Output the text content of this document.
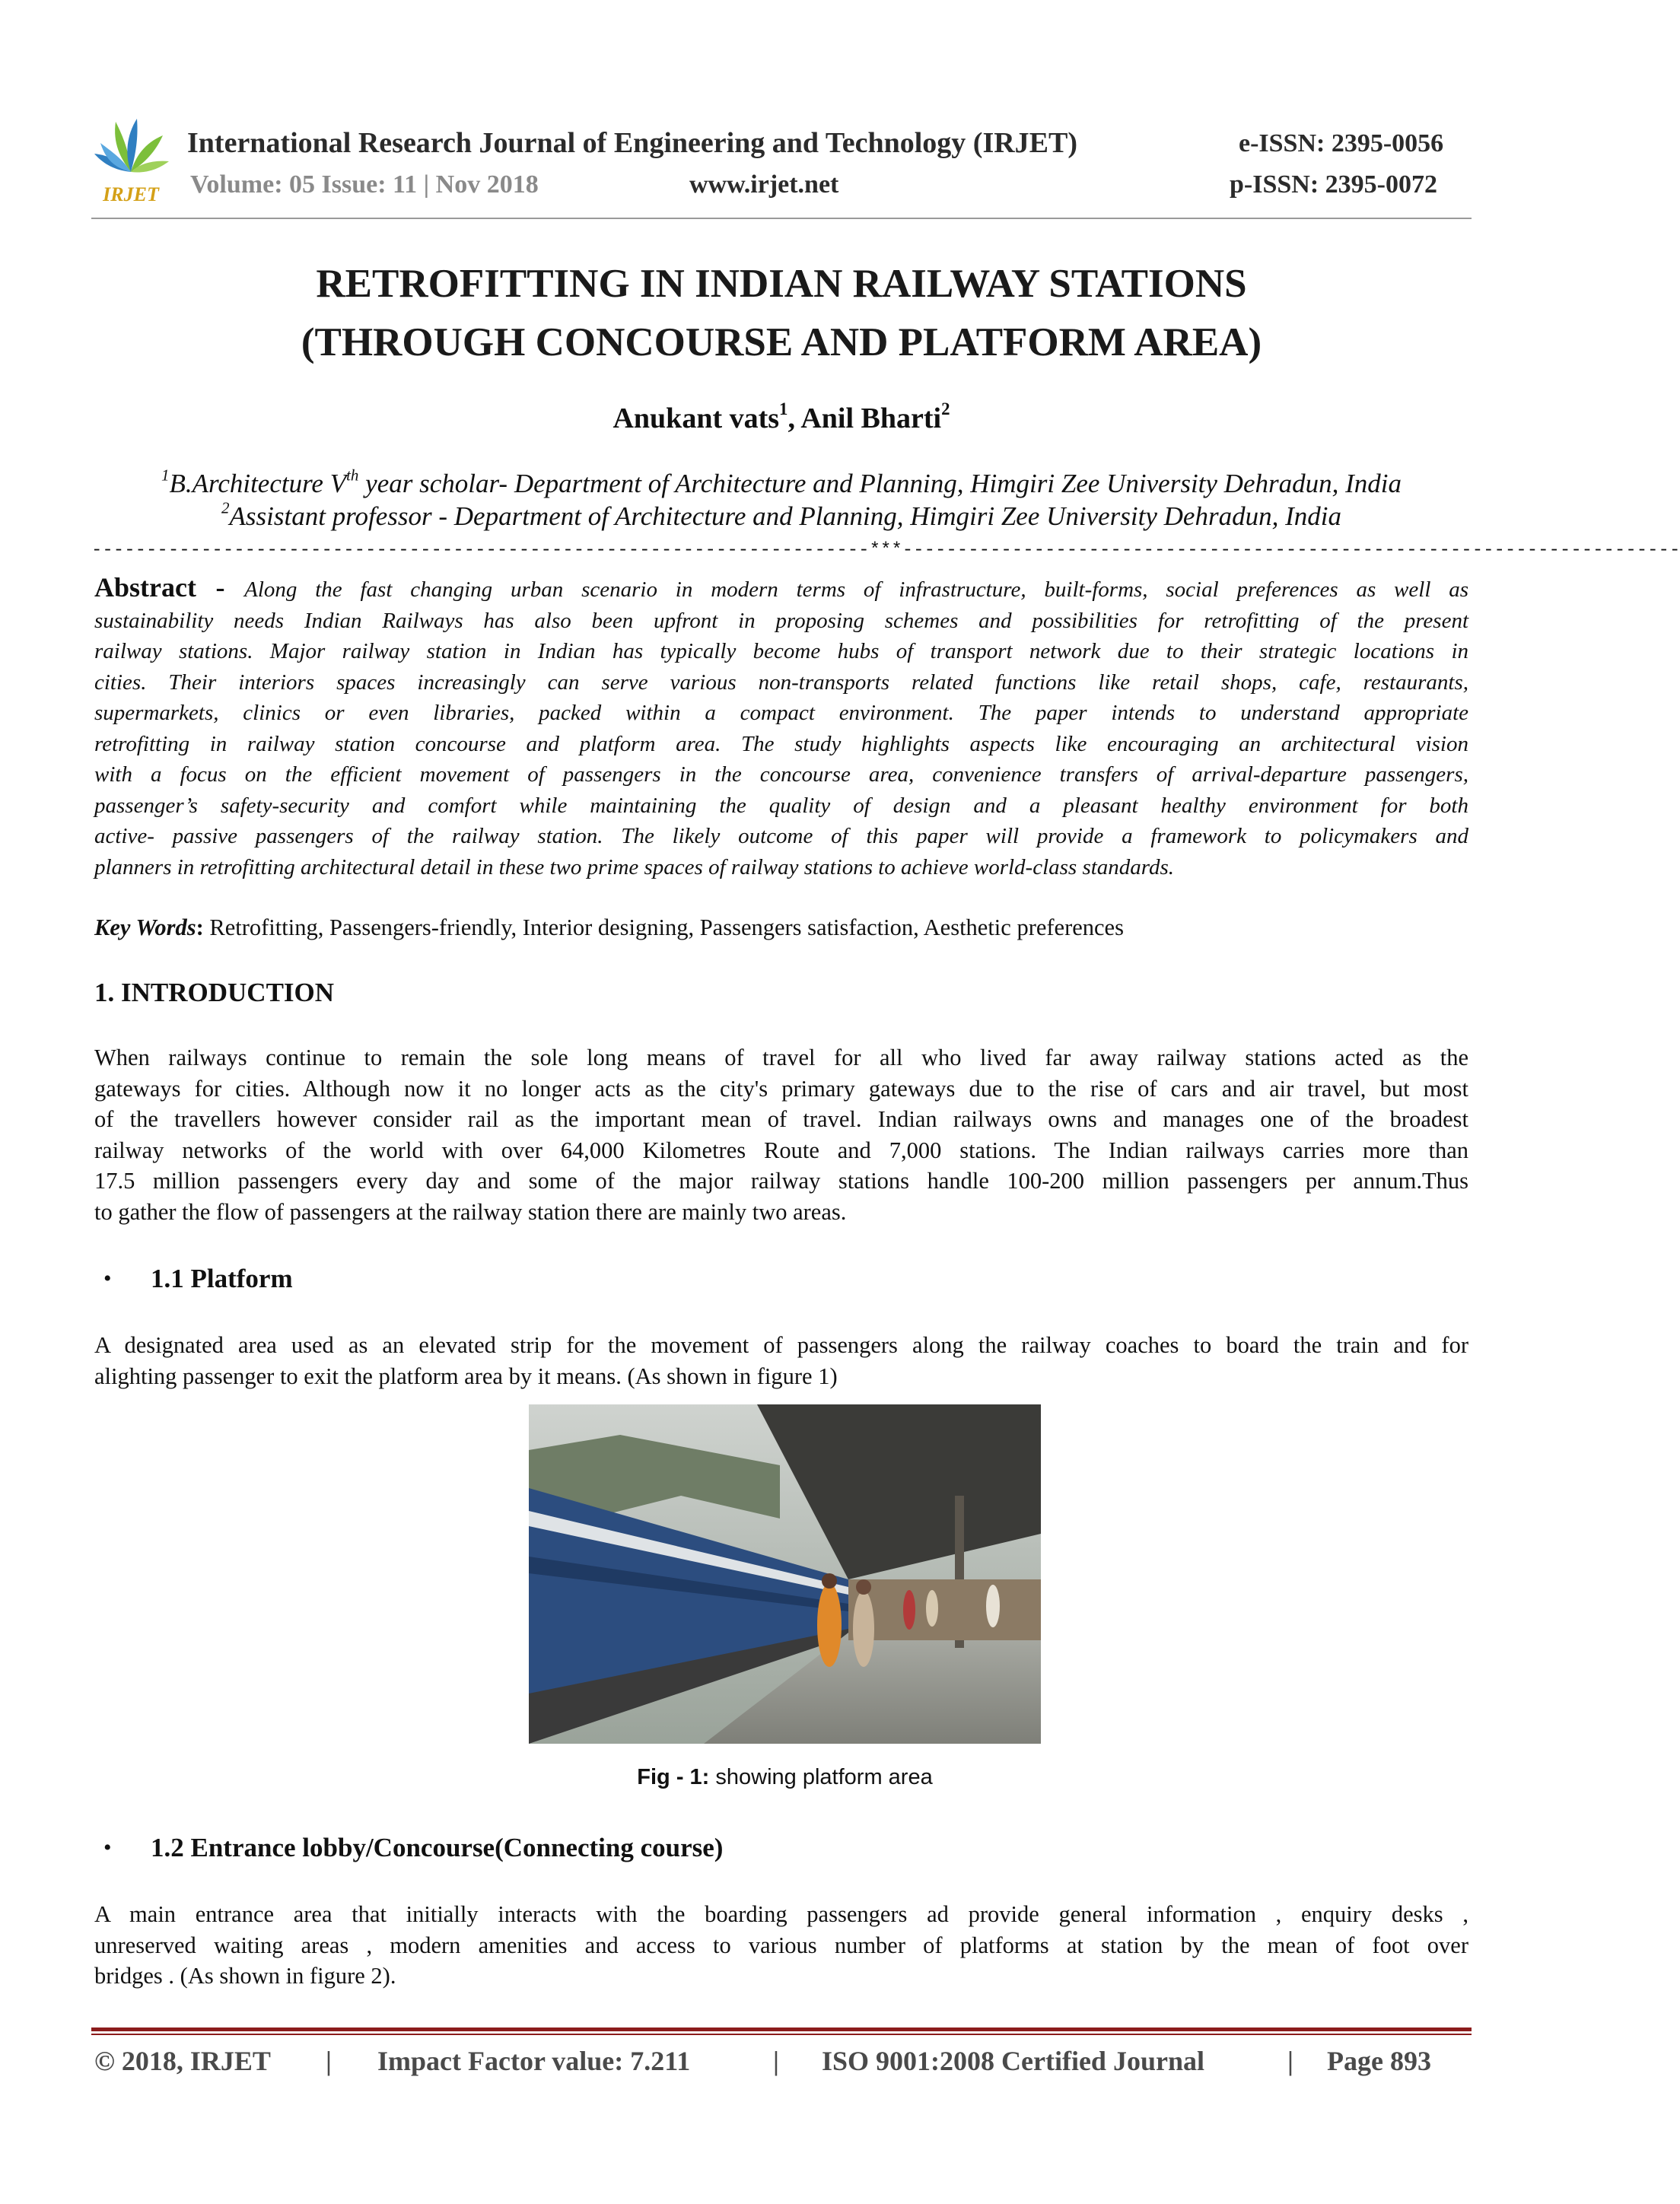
IRJET
International Research Journal of Engineering and Technology (IRJET)	e-ISSN: 2395-0056
Volume: 05 Issue: 11 | Nov 2018	www.irjet.net	p-ISSN: 2395-0072
RETROFITTING IN INDIAN RAILWAY STATIONS
(THROUGH CONCOURSE AND PLATFORM AREA)
Anukant vats$^1$, Anil Bharti$^2$
$^1$B.Architecture Vth year scholar- Department of Architecture and Planning, Himgiri Zee University Dehradun, India
$^2$Assistant professor - Department of Architecture and Planning, Himgiri Zee University Dehradun, India
-----------------------------------------------------------------------***-----------------------------------------------------------------------
Abstract - Along the fast changing urban scenario in modern terms of infrastructure, built-forms, social preferences as well as
sustainability needs Indian Railways has also been upfront in proposing schemes and possibilities for retrofitting of the present
railway stations. Major railway station in Indian has typically become hubs of transport network due to their strategic locations in
cities. Their interiors spaces increasingly can serve various non-transports related functions like retail shops, cafe, restaurants,
supermarkets, clinics or even libraries, packed within a compact environment. The paper intends to understand appropriate
retrofitting in railway station concourse and platform area. The study highlights aspects like encouraging an architectural vision
with a focus on the efficient movement of passengers in the concourse area, convenience transfers of arrival-departure passengers,
passenger’s safety-security and comfort while maintaining the quality of design and a pleasant healthy environment for both
active- passive passengers of the railway station. The likely outcome of this paper will provide a framework to policymakers and
planners in retrofitting architectural detail in these two prime spaces of railway stations to achieve world-class standards.
Key Words: Retrofitting, Passengers-friendly, Interior designing, Passengers satisfaction, Aesthetic preferences
1. INTRODUCTION
When railways continue to remain the sole long means of travel for all who lived far away railway stations acted as the
gateways for cities. Although now it no longer acts as the city's primary gateways due to the rise of cars and air travel, but most
of the travellers however consider rail as the important mean of travel. Indian railways owns and manages one of the broadest
railway networks of the world with over 64,000 Kilometres Route and 7,000 stations. The Indian railways carries more than
17.5 million passengers every day and some of the major railway stations handle 100-200 million passengers per annum.Thus
to gather the flow of passengers at the railway station there are mainly two areas.
• 1.1 Platform
A designated area used as an elevated strip for the movement of passengers along the railway coaches to board the train and for
alighting passenger to exit the platform area by it means. (As shown in figure 1)
Fig - 1: showing platform area
• 1.2 Entrance lobby/Concourse(Connecting course)
A main entrance area that initially interacts with the boarding passengers ad provide general information , enquiry desks ,
unreserved waiting areas , modern amenities and access to various number of platforms at station by the mean of foot over
bridges . (As shown in figure 2).
© 2018, IRJET | Impact Factor value: 7.211	| ISO 9001:2008 Certified Journal	| Page 893
